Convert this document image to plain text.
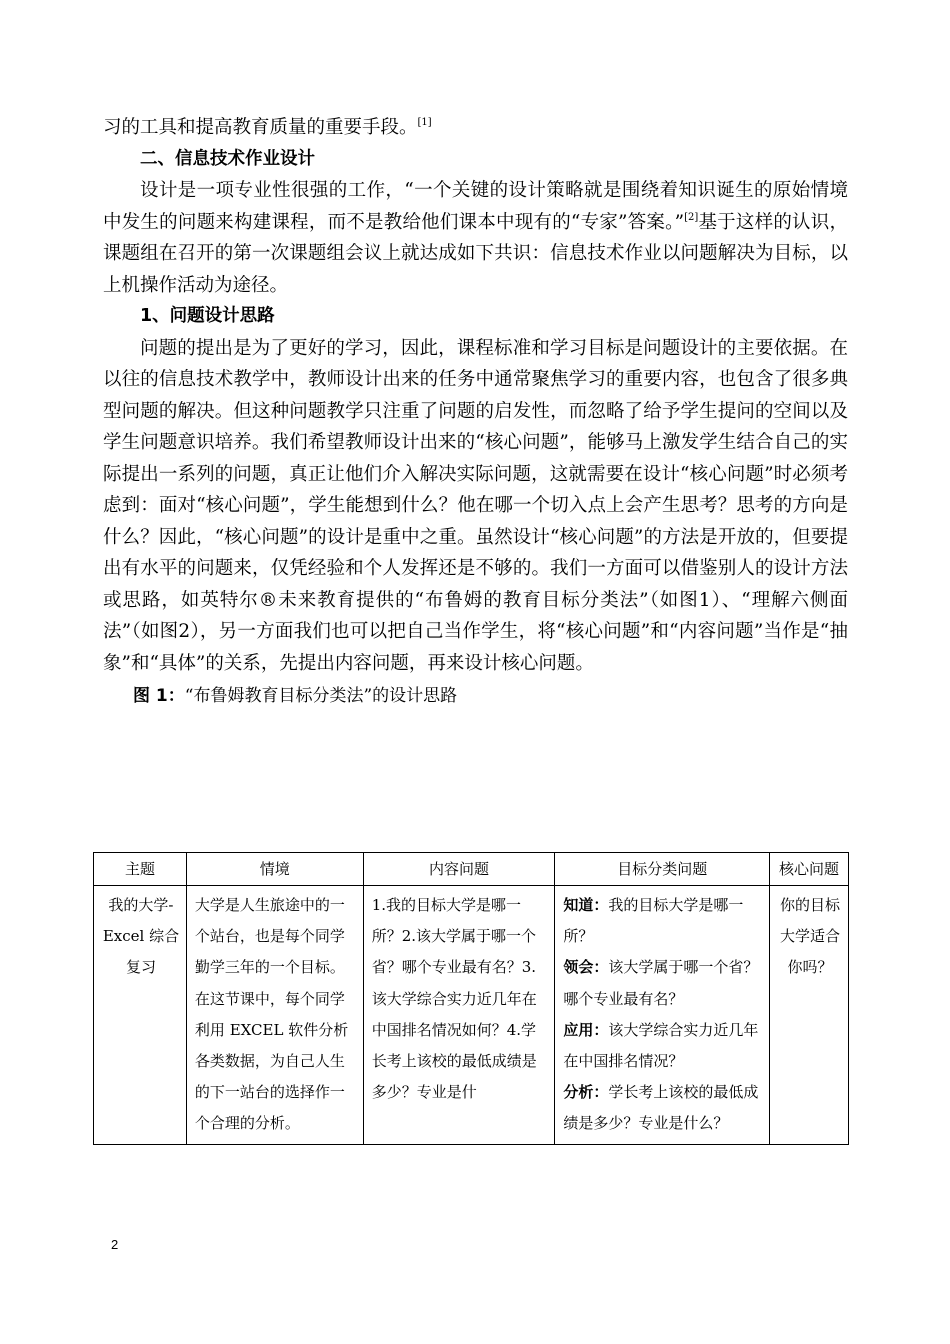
习的工具和提高教育质量的重要手段。[1]

二、信息技术作业设计

设计是一项专业性很强的工作，“一个关键的设计策略就是围绕着知识诞生的原始情境中发生的问题来构建课程，而不是教给他们课本中现有的“专家”答案。”[2]基于这样的认识，课题组在召开的第一次课题组会议上就达成如下共识：信息技术作业以问题解决为目标，以上机操作活动为途径。

1、问题设计思路

问题的提出是为了更好的学习，因此，课程标准和学习目标是问题设计的主要依据。在以往的信息技术教学中，教师设计出来的任务中通常聚焦学习的重要内容，也包含了很多典型问题的解决。但这种问题教学只注重了问题的启发性，而忽略了给予学生提问的空间以及学生问题意识培养。我们希望教师设计出来的“核心问题”，能够马上激发学生结合自己的实际提出一系列的问题，真正让他们介入解决实际问题，这就需要在设计“核心问题”时必须考虑到：面对“核心问题”，学生能想到什么？他在哪一个切入点上会产生思考？思考的方向是什么？因此，“核心问题”的设计是重中之重。虽然设计“核心问题”的方法是开放的，但要提出有水平的问题来，仅凭经验和个人发挥还是不够的。我们一方面可以借鉴别人的设计方法或思路，如英特尔®未来教育提供的“布鲁姆的教育目标分类法”（如图1）、“理解六侧面法”（如图2），另一方面我们也可以把自己当作学生，将“核心问题”和“内容问题”当作是“抽象”和“具体”的关系，先提出内容问题，再来设计核心问题。

图 1：“布鲁姆教育目标分类法”的设计思路

主题	情境	内容问题	目标分类问题	核心问题
我的大学-Excel 综合复习	大学是人生旅途中的一个站台，也是每个同学勤学三年的一个目标。在这节课中，每个同学利用 EXCEL 软件分析各类数据，为自己人生的下一站台的选择作一个合理的分析。	1.我的目标大学是哪一所？2.该大学属于哪一个省？哪个专业最有名？3.该大学综合实力近几年在中国排名情况如何？4.学长考上该校的最低成绩是多少？专业是什	知道：我的目标大学是哪一所？
领会：该大学属于哪一个省？哪个专业最有名？
应用：该大学综合实力近几年在中国排名情况？
分析：学长考上该校的最低成绩是多少？专业是什么？	你的目标大学适合你吗？
2
